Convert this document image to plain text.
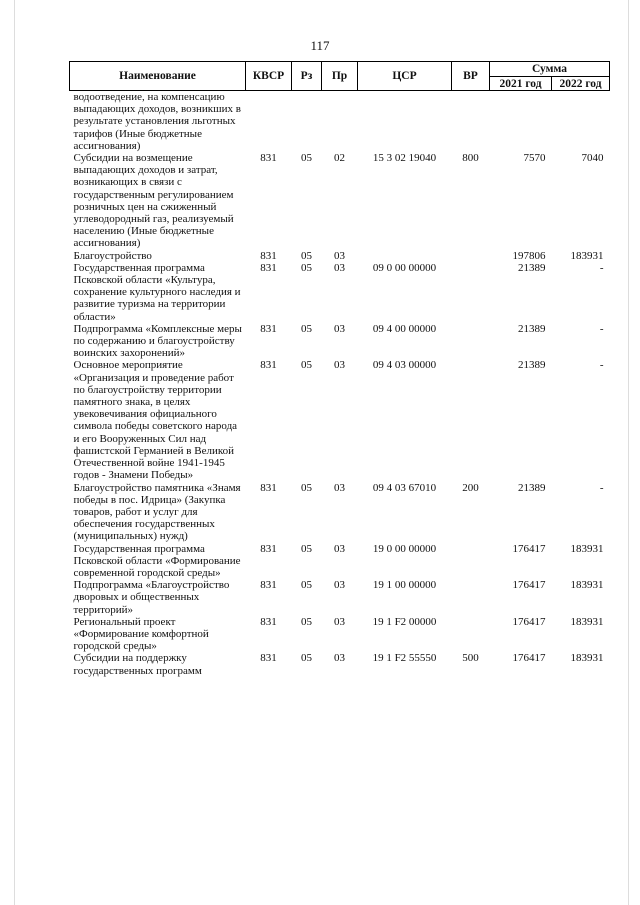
117
Наименование	КВСР	Рз	Пр	ЦСР	ВР	Сумма	
						2021 год	2022 год
водоотведение, на компенсацию выпадающих доходов, возникших в результате установления льготных тарифов (Иные бюджетные ассигнования)							
Субсидии на возмещение выпадающих доходов и затрат, возникающих в связи с государственным регулированием розничных цен на сжиженный углеводородный газ, реализуемый населению (Иные бюджетные ассигнования)	831	05	02	15 3 02 19040	800	7570	7040
Благоустройство	831	05	03			197806	183931
Государственная программа Псковской области «Культура, сохранение культурного наследия и развитие туризма на территории области»	831	05	03	09 0 00 00000		21389	-
Подпрограмма «Комплексные меры по содержанию и благоустройству воинских захоронений»	831	05	03	09 4 00 00000		21389	-
Основное мероприятие «Организация и проведение работ по благоустройству территории памятного знака, в целях увековечивания официального символа победы советского народа и его Вооруженных Сил над фашистской Германией в Великой Отечественной войне 1941-1945 годов - Знамени Победы»	831	05	03	09 4 03 00000		21389	-
Благоустройство памятника «Знамя победы в пос. Идрица» (Закупка товаров, работ и услуг для обеспечения государственных (муниципальных) нужд)	831	05	03	09 4 03 67010	200	21389	-
Государственная программа Псковской области «Формирование современной городской среды»	831	05	03	19 0 00 00000		176417	183931
Подпрограмма «Благоустройство дворовых и общественных территорий»	831	05	03	19 1 00 00000		176417	183931
Региональный проект «Формирование комфортной городской среды»	831	05	03	19 1 F2 00000		176417	183931
Субсидии на поддержку государственных программ	831	05	03	19 1 F2 55550	500	176417	183931
